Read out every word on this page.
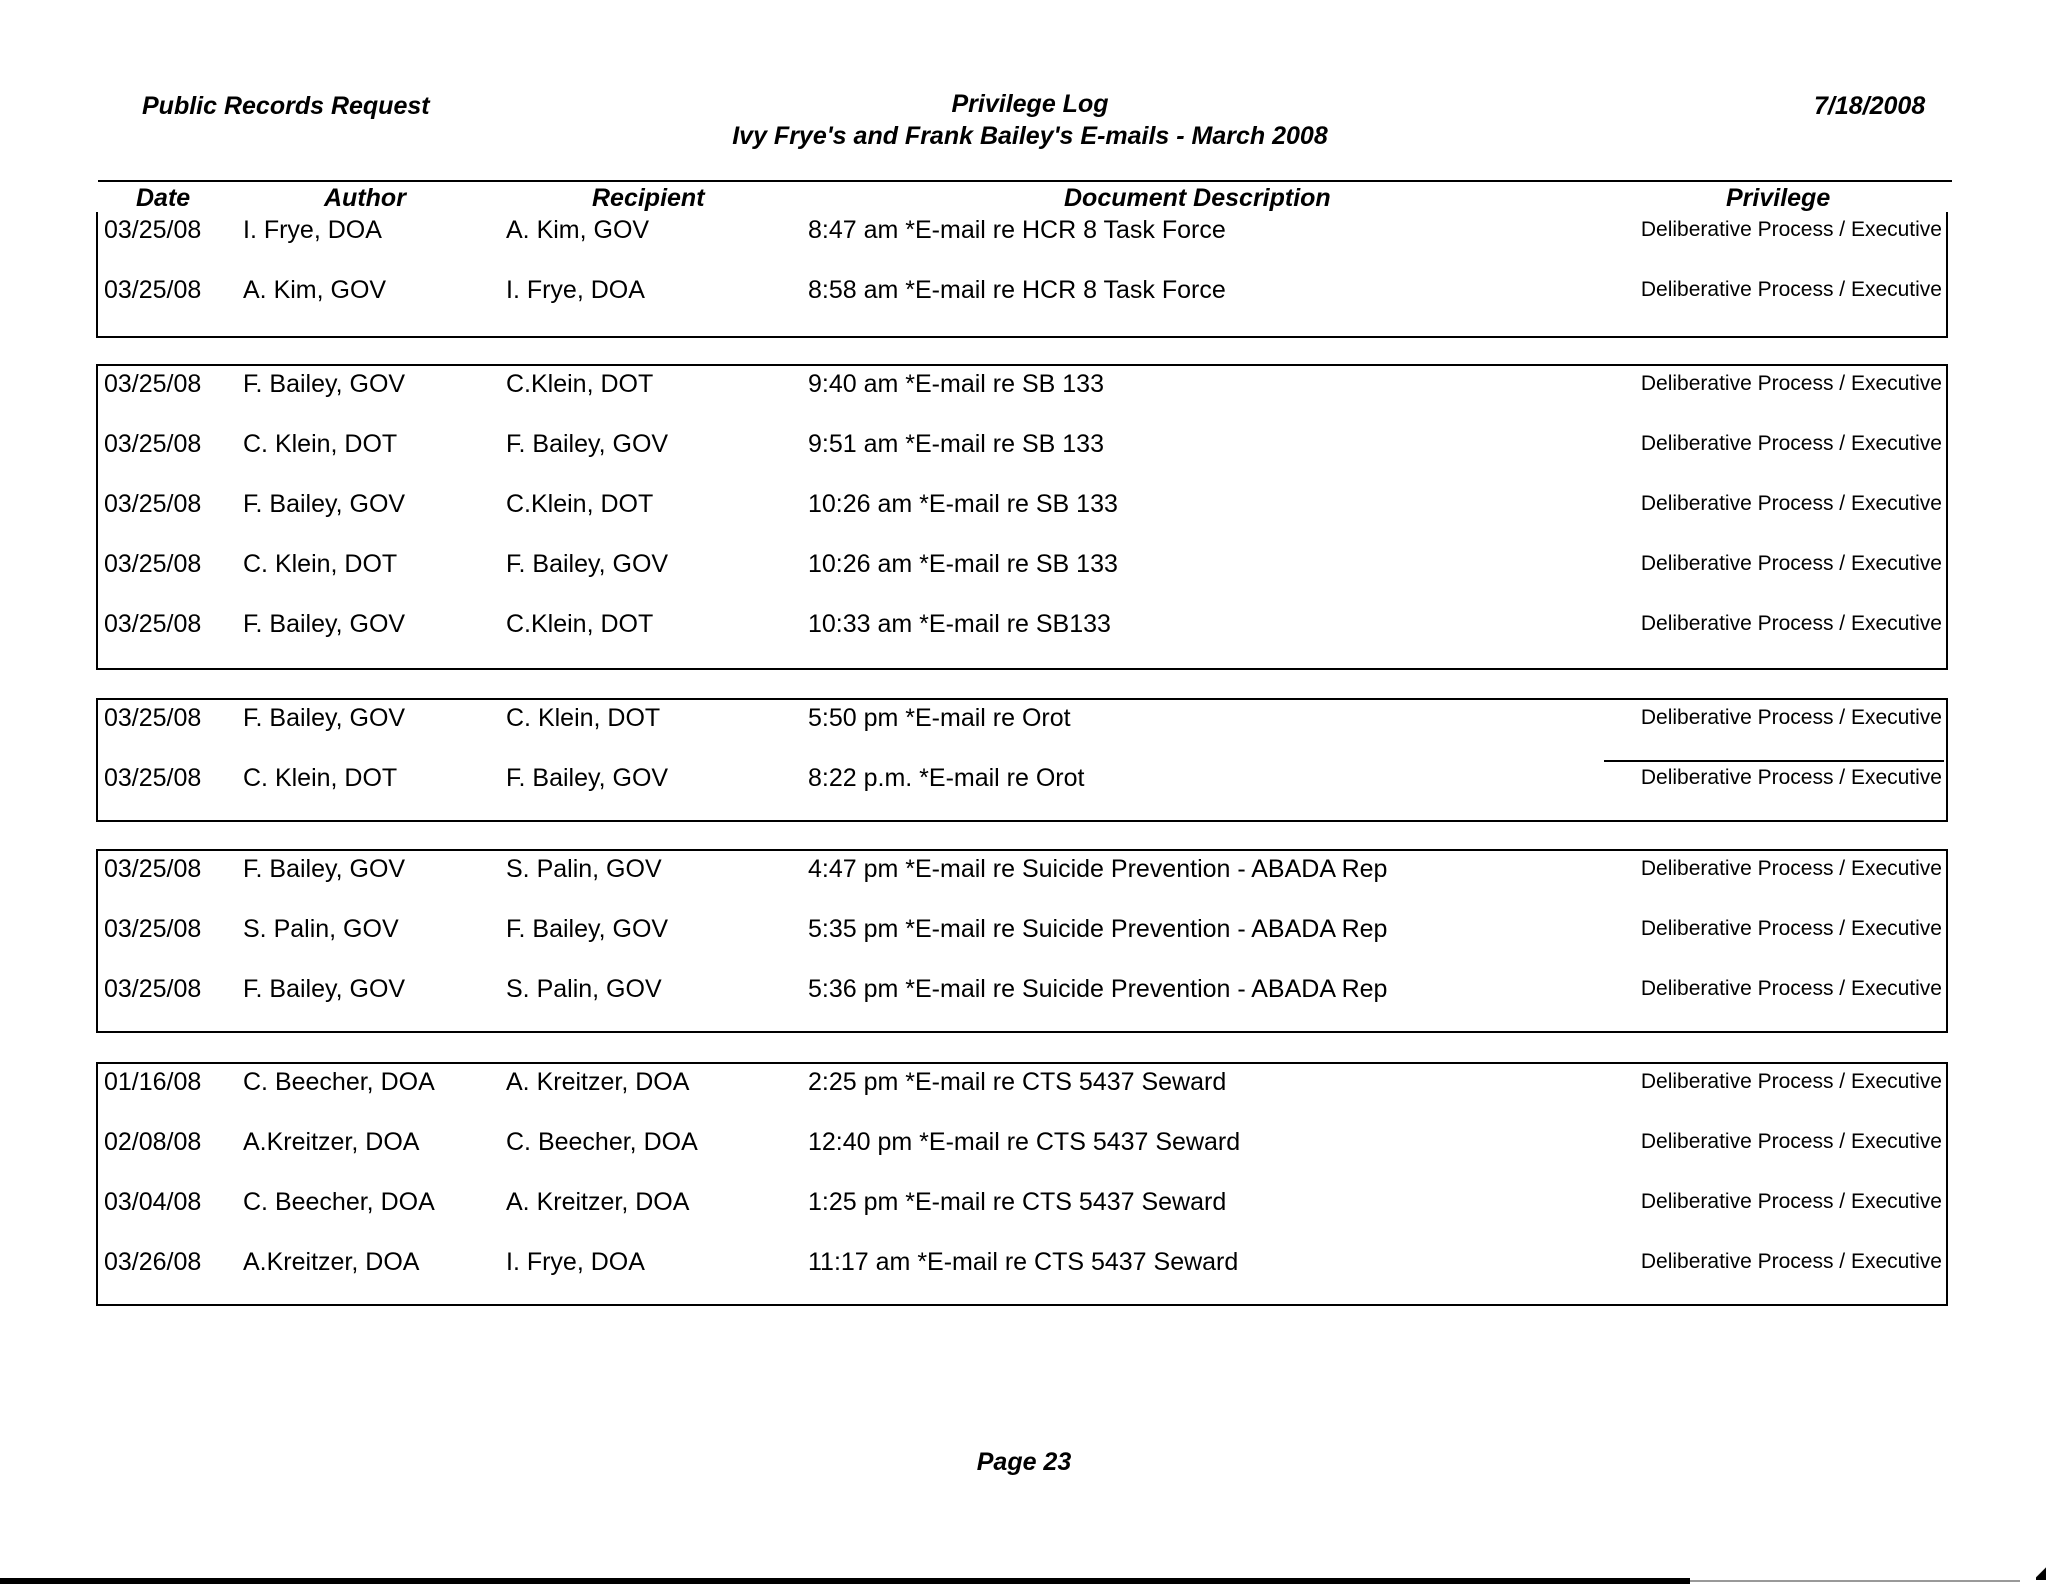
Public Records Request	Privilege Log
Ivy Frye's and Frank Bailey's E-mails - March 2008
7/18/2008
Date	Author	Recipient	Document Description	Privilege
03/25/08 I. Frye, DOA	A. Kim, GOV	8:47 am *E-mail re HCR 8 Task Force	Deliberative Process / Executive
03/25/08 A. Kim, GOV	I. Frye, DOA	8:58 am *E-mail re HCR 8 Task Force	Deliberative Process / Executive
03/25/08 F. Bailey, GOV	C.Klein, DOT	9:40 am *E-mail re SB 133	Deliberative Process / Executive
03/25/08 C. Klein, DOT	F. Bailey, GOV	9:51 am *E-mail re SB 133	Deliberative Process / Executive
03/25/08 F. Bailey, GOV	C.Klein, DOT	10:26 am *E-mail re SB 133	Deliberative Process / Executive
03/25/08 C. Klein, DOT	F. Bailey, GOV	10:26 am *E-mail re SB 133	Deliberative Process / Executive
03/25/08 F. Bailey, GOV	C.Klein, DOT	10:33 am *E-mail re SB133	Deliberative Process / Executive
03/25/08 F. Bailey, GOV	C. Klein, DOT	5:50 pm *E-mail re Orot	Deliberative Process / Executive
03/25/08 C. Klein, DOT	F. Bailey, GOV	8:22 p.m. *E-mail re Orot	Deliberative Process / Executive
03/25/08 F. Bailey, GOV	S. Palin, GOV	4:47 pm *E-mail re Suicide Prevention - ABADA Rep	Deliberative Process / Executive
03/25/08 S. Palin, GOV	F. Bailey, GOV	5:35 pm *E-mail re Suicide Prevention - ABADA Rep	Deliberative Process / Executive
03/25/08 F. Bailey, GOV	S. Palin, GOV	5:36 pm *E-mail re Suicide Prevention - ABADA Rep	Deliberative Process / Executive
01/16/08 C. Beecher, DOA	A. Kreitzer, DOA	2:25 pm *E-mail re CTS 5437 Seward	Deliberative Process / Executive
02/08/08 A.Kreitzer, DOA	C. Beecher, DOA	12:40 pm *E-mail re CTS 5437 Seward	Deliberative Process / Executive
03/04/08 C. Beecher, DOA	A. Kreitzer, DOA	1:25 pm *E-mail re CTS 5437 Seward	Deliberative Process / Executive
03/26/08 A.Kreitzer, DOA	I. Frye, DOA	11:17 am *E-mail re CTS 5437 Seward	Deliberative Process / Executive
Page 23
